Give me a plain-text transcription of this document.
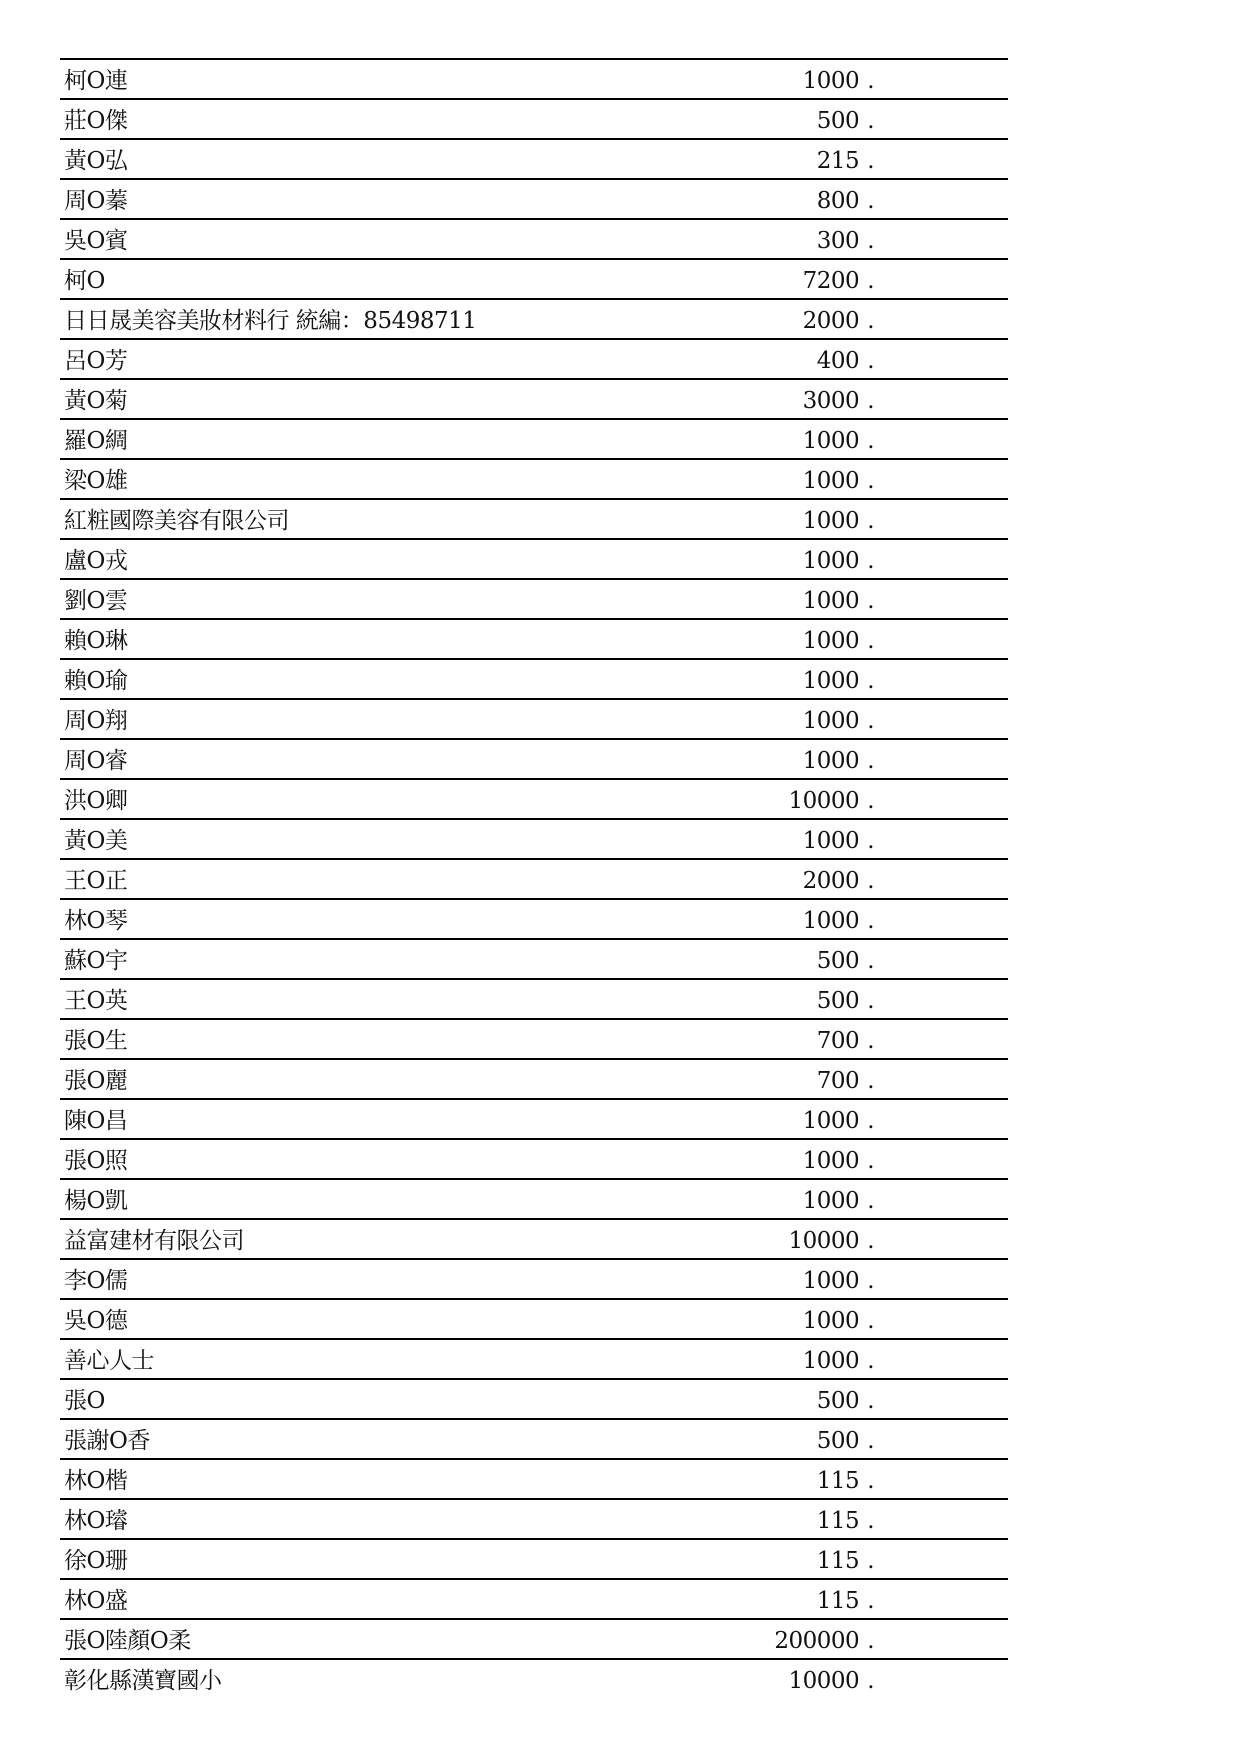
柯O連	1000 .
莊O傑	500 .
黃O弘	215 .
周O蓁	800 .
吳O賓	300 .
柯O	7200 .
日日晟美容美妝材料行 統編：85498711	2000 .
呂O芳	400 .
黃O菊	3000 .
羅O綢	1000 .
梁O雄	1000 .
紅粧國際美容有限公司	1000 .
盧O戎	1000 .
劉O雲	1000 .
賴O琳	1000 .
賴O瑜	1000 .
周O翔	1000 .
周O睿	1000 .
洪O卿	10000 .
黃O美	1000 .
王O正	2000 .
林O琴	1000 .
蘇O宇	500 .
王O英	500 .
張O生	700 .
張O麗	700 .
陳O昌	1000 .
張O照	1000 .
楊O凱	1000 .
益富建材有限公司	10000 .
李O儒	1000 .
吳O德	1000 .
善心人士	1000 .
張O	500 .
張謝O香	500 .
林O楷	115 .
林O璿	115 .
徐O珊	115 .
林O盛	115 .
張O陸顏O柔	200000 .
彰化縣漢寶國小	10000 .
